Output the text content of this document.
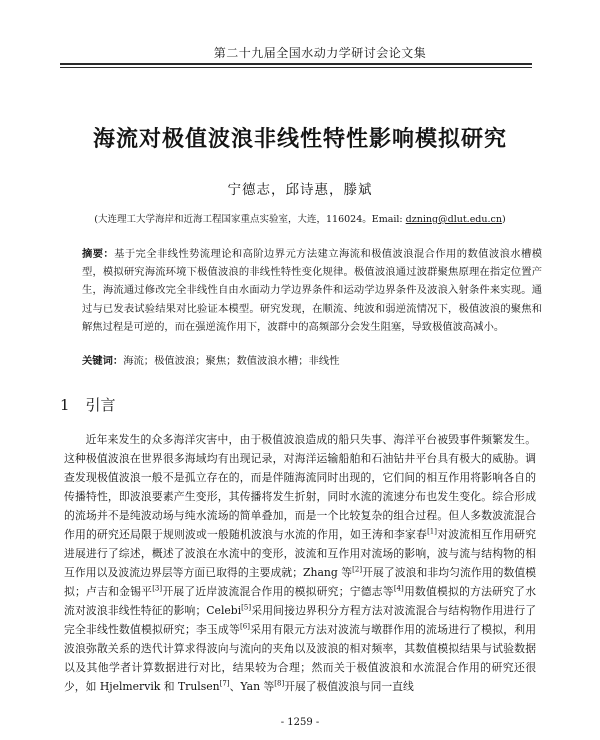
第二十九届全国水动力学研讨会论文集
海流对极值波浪非线性特性影响模拟研究
宁德志，邱诗惠，滕斌
(大连理工大学海岸和近海工程国家重点实验室，大连，116024。Email: dzning@dlut.edu.cn)
摘要：基于完全非线性势流理论和高阶边界元方法建立海流和极值波浪混合作用的数值波浪水槽模型，模拟研究海流环境下极值波浪的非线性特性变化规律。极值波浪通过波群聚焦原理在指定位置产生，海流通过修改完全非线性自由水面动力学边界条件和运动学边界条件及波浪入射条件来实现。通过与已发表试验结果对比验证本模型。研究发现，在顺流、纯波和弱逆流情况下，极值波浪的聚焦和解焦过程是可逆的，而在强逆流作用下，波群中的高频部分会发生阻塞，导致极值波高减小。
关键词：海流；极值波浪；聚焦；数值波浪水槽；非线性
1 引言
近年来发生的众多海洋灾害中，由于极值波浪造成的船只失事、海洋平台被毁事件频繁发生。这种极值波浪在世界很多海域均有出现记录，对海洋运输船舶和石油钻井平台具有极大的威胁。调查发现极值波浪一般不是孤立存在的，而是伴随海流同时出现的，它们间的相互作用将影响各自的传播特性，即波浪要素产生变形，其传播将发生折射，同时水流的流速分布也发生变化。综合形成的流场并不是纯波动场与纯水流场的简单叠加，而是一个比较复杂的组合过程。但人多数波流混合作用的研究还局限于规则波或一般随机波浪与水流的作用，如王涛和李家春[1]对波流相互作用研究进展进行了综述，概述了波浪在水流中的变形，波流和互作用对流场的影响，波与流与结构物的相互作用以及波流边界层等方面已取得的主要成就；Zhang 等[2]开展了波浪和非均匀流作用的数值模拟；卢吉和金锡平[3]开展了近岸波流混合作用的模拟研究；宁德志等[4]用数值模拟的方法研究了水流对波浪非线性特征的影响；Celebi[5]采用间接边界积分方程方法对波流混合与结构物作用进行了完全非线性数值模拟研究；李玉成等[6]采用有限元方法对波流与墩群作用的流场进行了模拟，利用波浪弥散关系的迭代计算求得波向与流向的夹角以及波浪的相对频率，其数值模拟结果与试验数据以及其他学者计算数据进行对比，结果较为合理；然而关于极值波浪和水流混合作用的研究还很少，如 Hjelmervik 和 Trulsen[7]、Yan 等[8]开展了极值波浪与同一直线
- 1259 -
